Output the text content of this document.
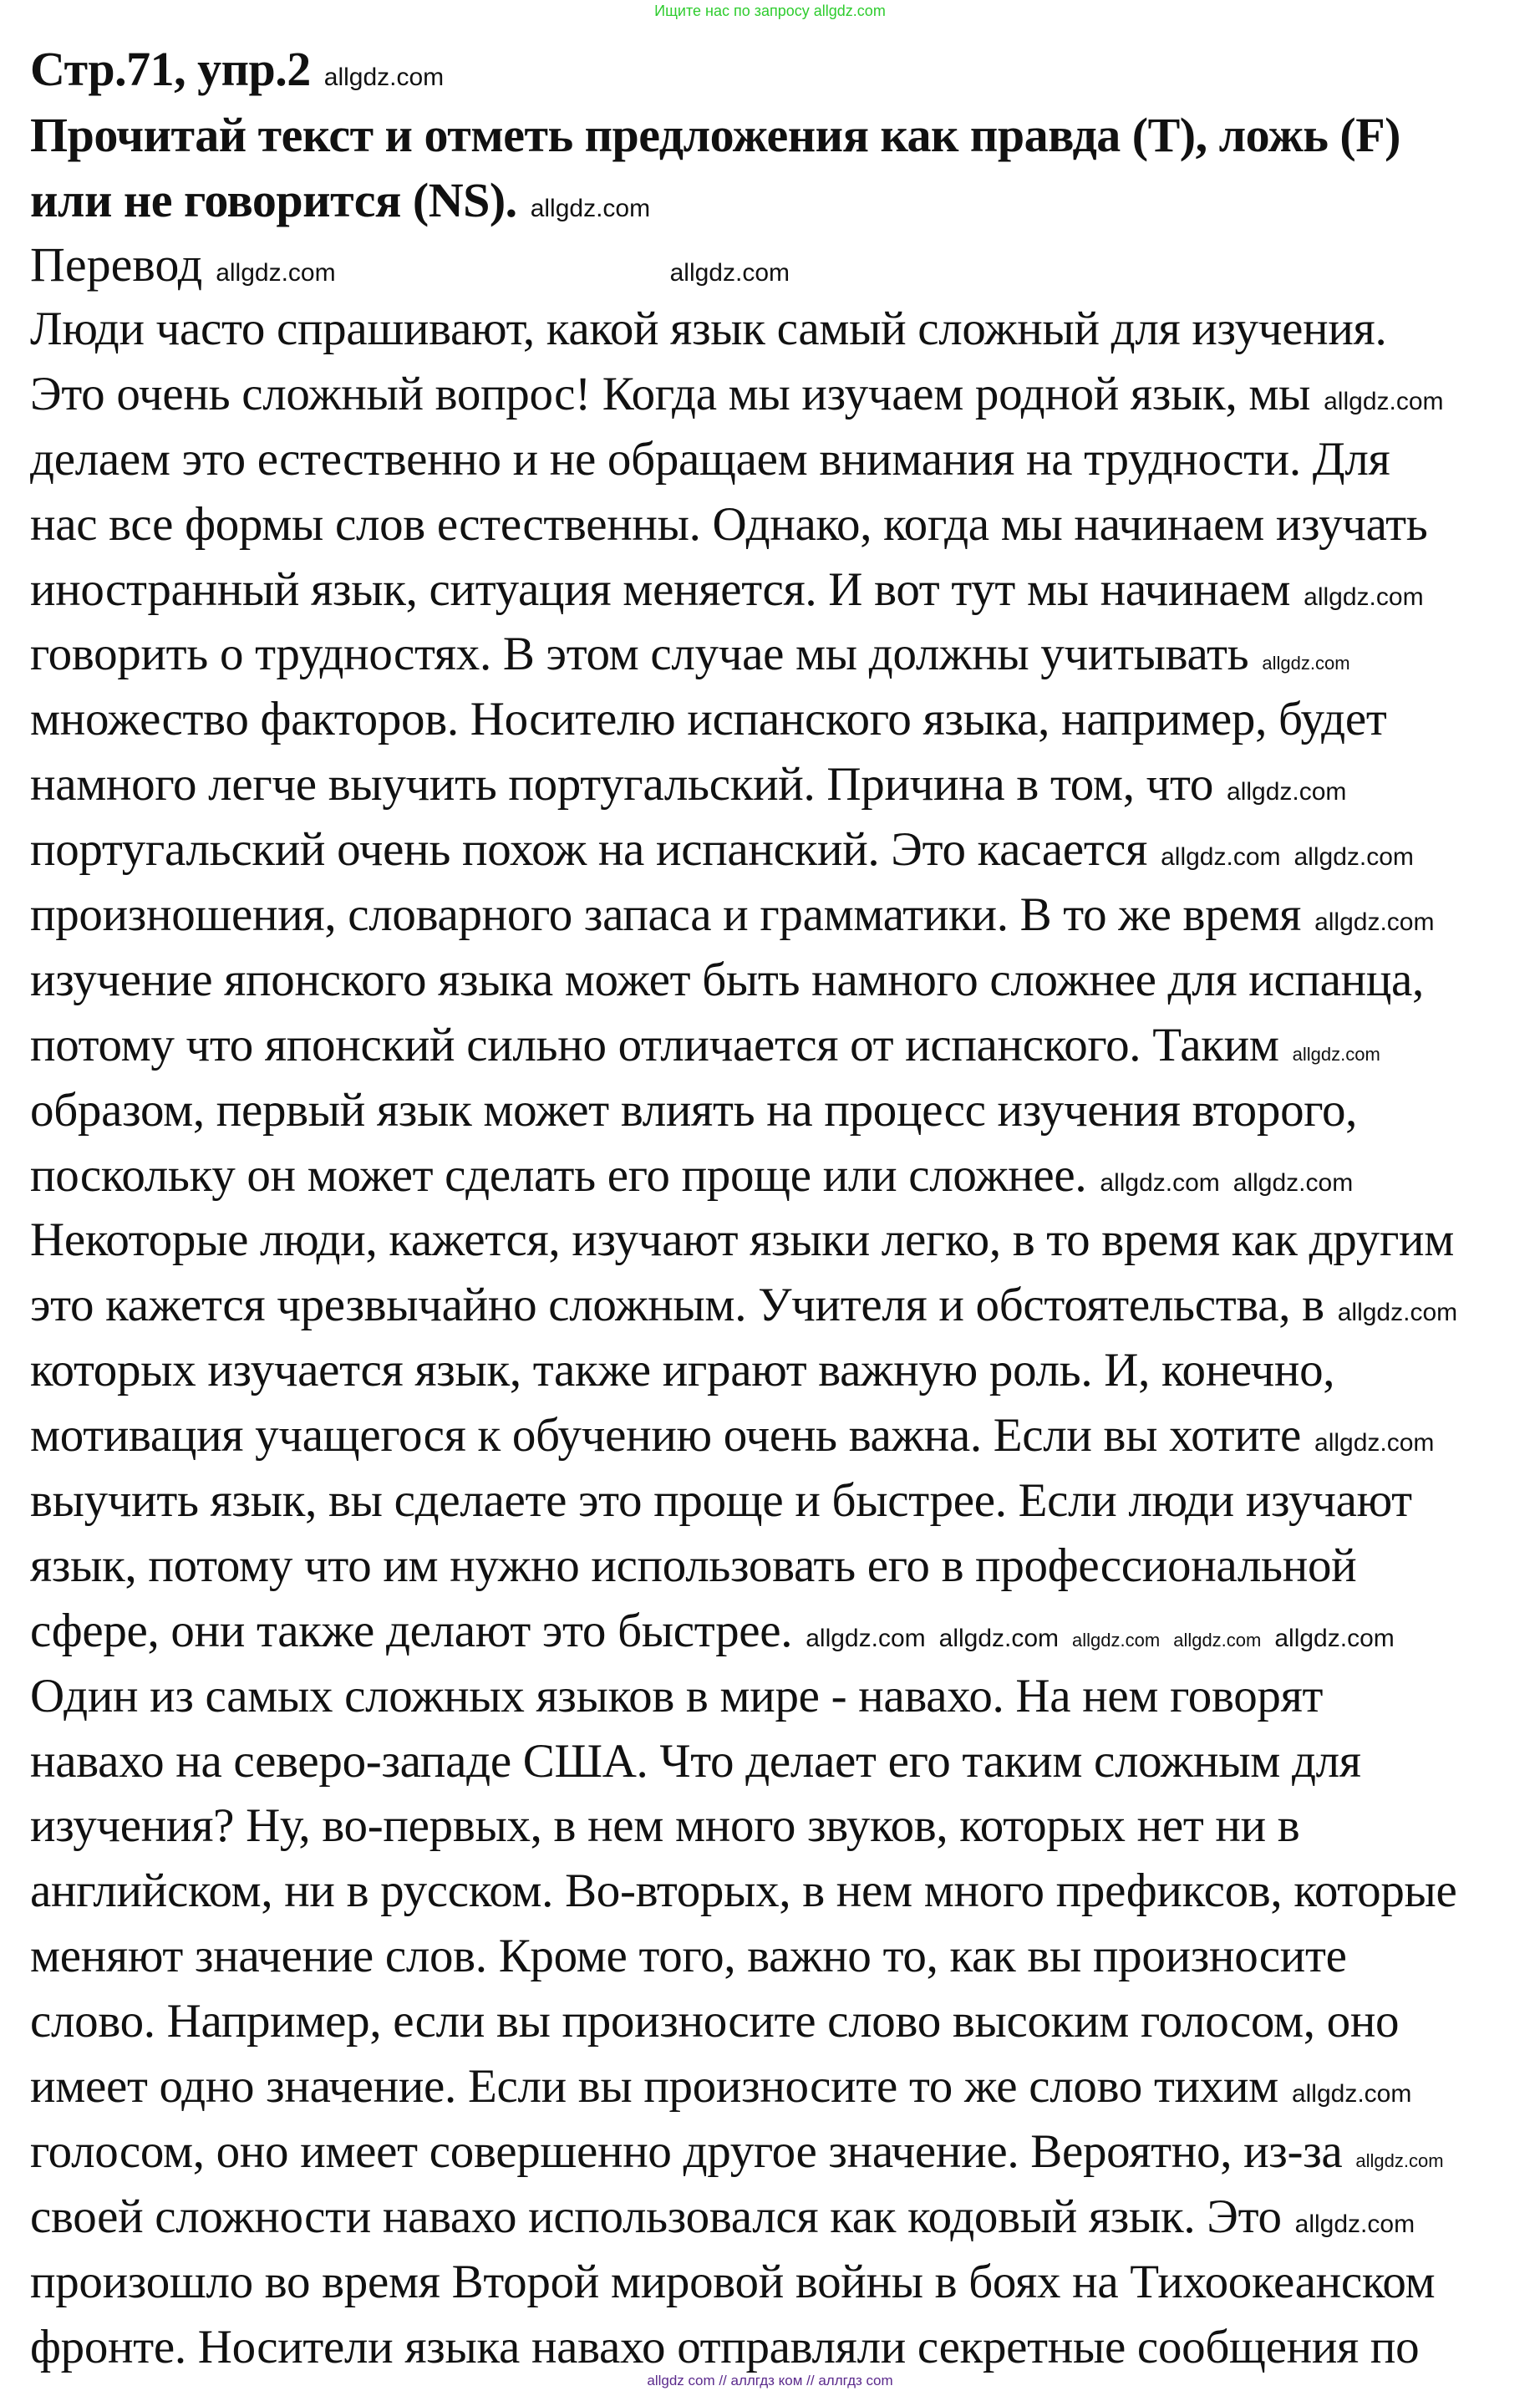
Ищите нас по запросу allgdz.com
Стр.71, упр.2 allgdz.com
Прочитай текст и отметь предложения как правда (T), ложь (F)
или не говорится (NS). allgdz.com
Перевод allgdz.com	allgdz.com
Люди часто спрашивают, какой язык самый сложный для изучения.
Это очень сложный вопрос! Когда мы изучаем родной язык, мы allgdz.com
делаем это естественно и не обращаем внимания на трудности. Для
нас все формы слов естественны. Однако, когда мы начинаем изучать
иностранный язык, ситуация меняется. И вот тут мы начинаем allgdz.com
говорить о трудностях. В этом случае мы должны учитывать allgdz.com
множество факторов. Носителю испанского языка, например, будет
намного легче выучить португальский. Причина в том, что allgdz.com
португальский очень похож на испанский. Это касается allgdz.com allgdz.com
произношения, словарного запаса и грамматики. В то же время allgdz.com
изучение японского языка может быть намного сложнее для испанца,
потому что японский сильно отличается от испанского. Таким allgdz.com
образом, первый язык может влиять на процесс изучения второго,
поскольку он может сделать его проще или сложнее. allgdz.com allgdz.com
Некоторые люди, кажется, изучают языки легко, в то время как другим
это кажется чрезвычайно сложным. Учителя и обстоятельства, в allgdz.com
которых изучается язык, также играют важную роль. И, конечно,
мотивация учащегося к обучению очень важна. Если вы хотите allgdz.com
выучить язык, вы сделаете это проще и быстрее. Если люди изучают
язык, потому что им нужно использовать его в профессиональной
сфере, они также делают это быстрее. allgdz.com allgdz.com allgdz.com allgdz.com allgdz.com
Один из самых сложных языков в мире - навахо. На нем говорят
навахо на северо-западе США. Что делает его таким сложным для
изучения? Ну, во-первых, в нем много звуков, которых нет ни в
английском, ни в русском. Во-вторых, в нем много префиксов, которые
меняют значение слов. Кроме того, важно то, как вы произносите
слово. Например, если вы произносите слово высоким голосом, оно
имеет одно значение. Если вы произносите то же слово тихим allgdz.com
голосом, оно имеет совершенно другое значение. Вероятно, из-за allgdz.com
своей сложности навахо использовался как кодовый язык. Это allgdz.com
произошло во время Второй мировой войны в боях на Тихоокеанском
фронте. Носители языка навахо отправляли секретные сообщения по
allgdz com // аллгдз ком // аллгдз com
